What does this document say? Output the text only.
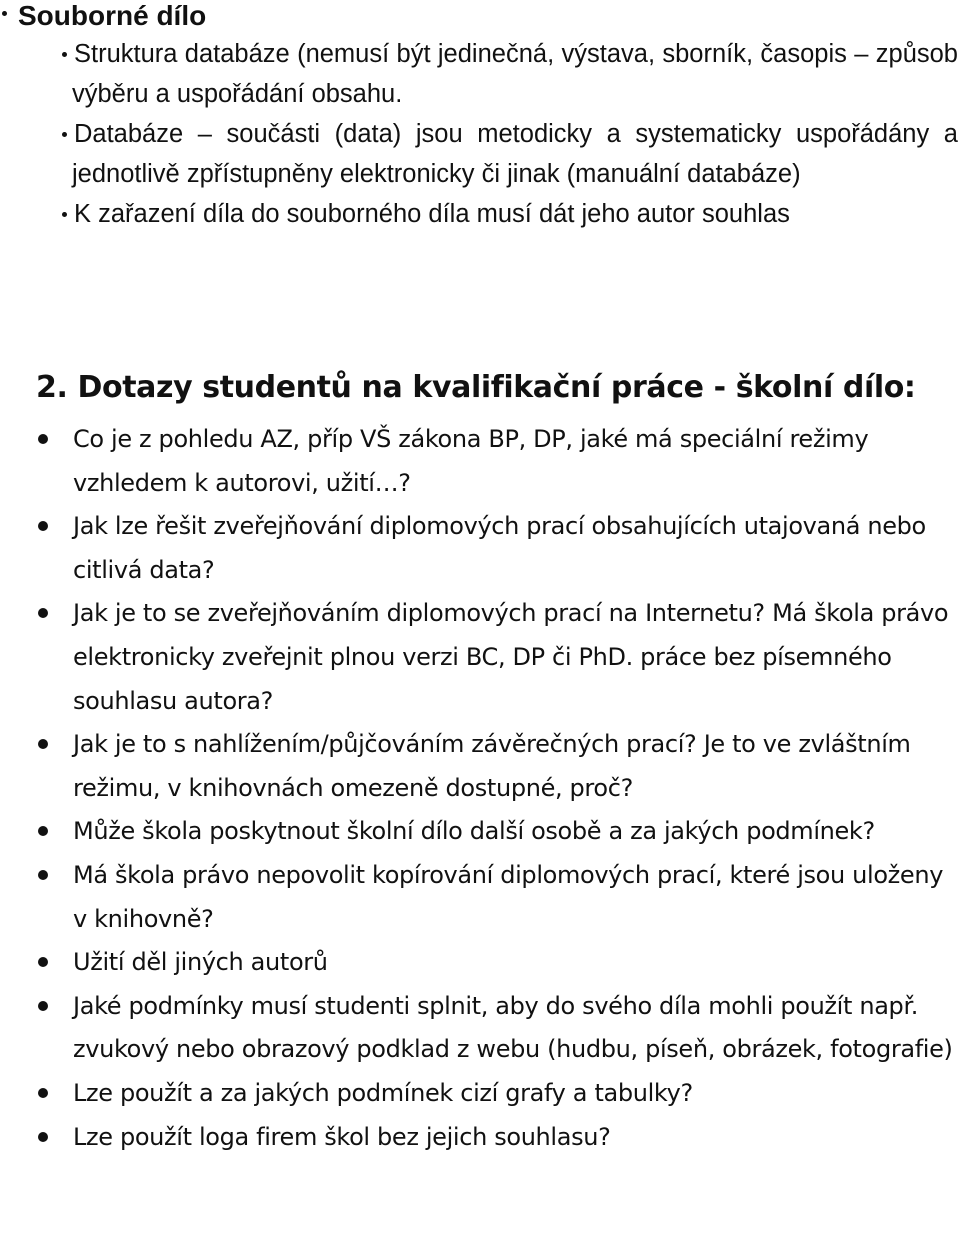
Souborné dílo
Struktura databáze (nemusí být jedinečná, výstava, sborník, časopis – způsob výběru a uspořádání obsahu.
Databáze – součásti (data) jsou metodicky a systematicky uspořádány a jednotlivě zpřístupněny elektronicky či jinak (manuální databáze)
K zařazení díla do souborného díla musí dát jeho autor souhlas
2. Dotazy studentů na kvalifikační práce - školní dílo:
Co je z pohledu AZ, příp VŠ zákona BP, DP, jaké má speciální režimy vzhledem k autorovi, užití…?
Jak lze řešit zveřejňování diplomových prací obsahujících utajovaná nebo citlivá data?
Jak je to se zveřejňováním diplomových prací na Internetu? Má škola právo elektronicky zveřejnit plnou verzi BC, DP či PhD. práce bez písemného souhlasu autora?
Jak je to s nahlížením/půjčováním závěrečných prací? Je to ve zvláštním režimu, v knihovnách omezeně dostupné, proč?
Může škola poskytnout školní dílo další osobě a za jakých podmínek?
Má škola právo nepovolit kopírování diplomových prací, které jsou uloženy v knihovně?
Užití děl jiných autorů
Jaké podmínky musí studenti splnit, aby do svého díla mohli použít např. zvukový nebo obrazový podklad z webu (hudbu, píseň, obrázek, fotografie)
Lze použít a za jakých podmínek cizí grafy a tabulky?
Lze použít loga firem škol bez jejich souhlasu?
